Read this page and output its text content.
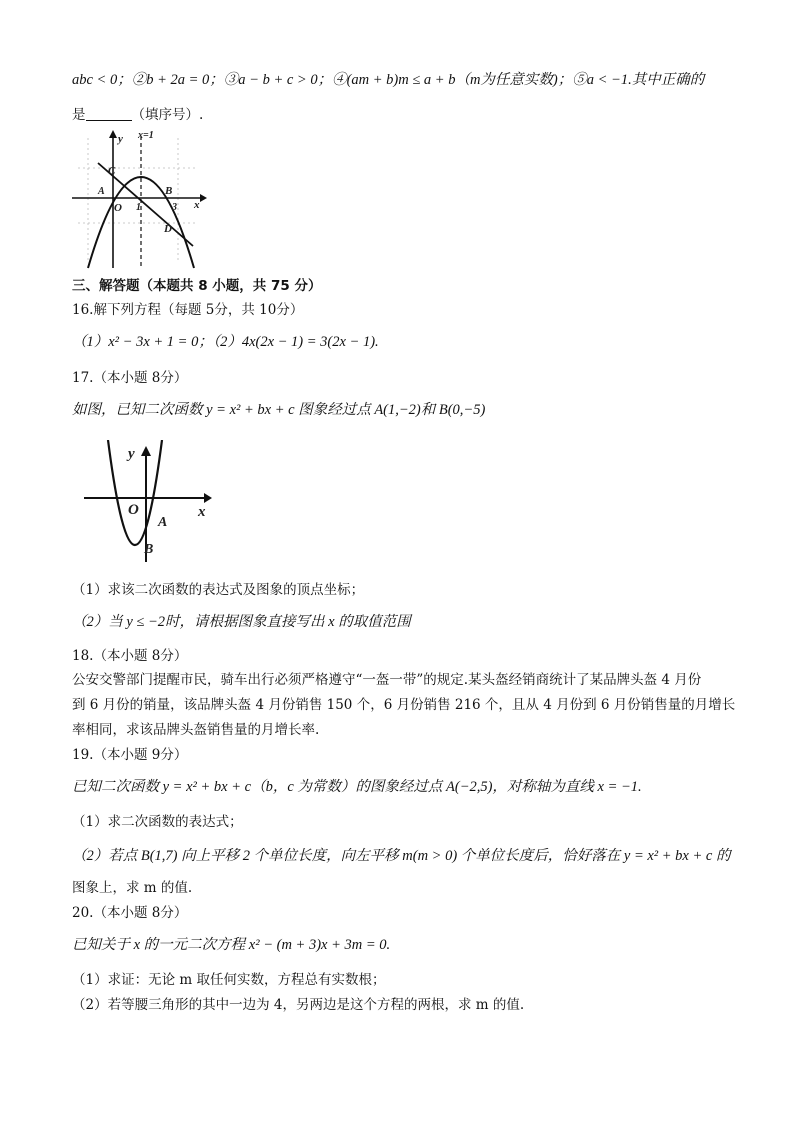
abc < 0；②b + 2a = 0；③a − b + c > 0；④(am + b)m ≤ a + b（m为任意实数)；⑤a < −1.其中正确的
是	（填序号）.
y x=1
C
A	B
O 1	3 x
D
三、解答题（本题共 8 小题，共 75 分）
16.解下列方程（每题 5分，共 10分）
（1）x² − 3x + 1 = 0；（2）4x(2x − 1) = 3(2x − 1).
17.（本小题 8分）
如图，已知二次函数 y = x² + bx + c 图象经过点 A(1,−2)和 B(0,−5)
y
O
A
x
B
（1）求该二次函数的表达式及图象的顶点坐标；
（2）当 y ≤ −2时，请根据图象直接写出 x 的取值范围
18.（本小题 8分）
公安交警部门提醒市民，骑车出行必须严格遵守“一盔一带”的规定.某头盔经销商统计了某品牌头盔 4 月份
到 6 月份的销量，该品牌头盔 4 月份销售 150 个，6 月份销售 216 个，且从 4 月份到 6 月份销售量的月增长
率相同，求该品牌头盔销售量的月增长率.
19.（本小题 9分）
已知二次函数 y = x² + bx + c（b，c 为常数）的图象经过点 A(−2,5)，对称轴为直线 x = −1.
（1）求二次函数的表达式；
（2）若点 B(1,7) 向上平移 2 个单位长度，向左平移 m(m > 0) 个单位长度后，恰好落在 y = x² + bx + c 的
图象上，求 m 的值.
20.（本小题 8分）
已知关于 x 的一元二次方程 x² − (m + 3)x + 3m = 0.
（1）求证：无论 m 取任何实数，方程总有实数根；
（2）若等腰三角形的其中一边为 4，另两边是这个方程的两根，求 m 的值.
